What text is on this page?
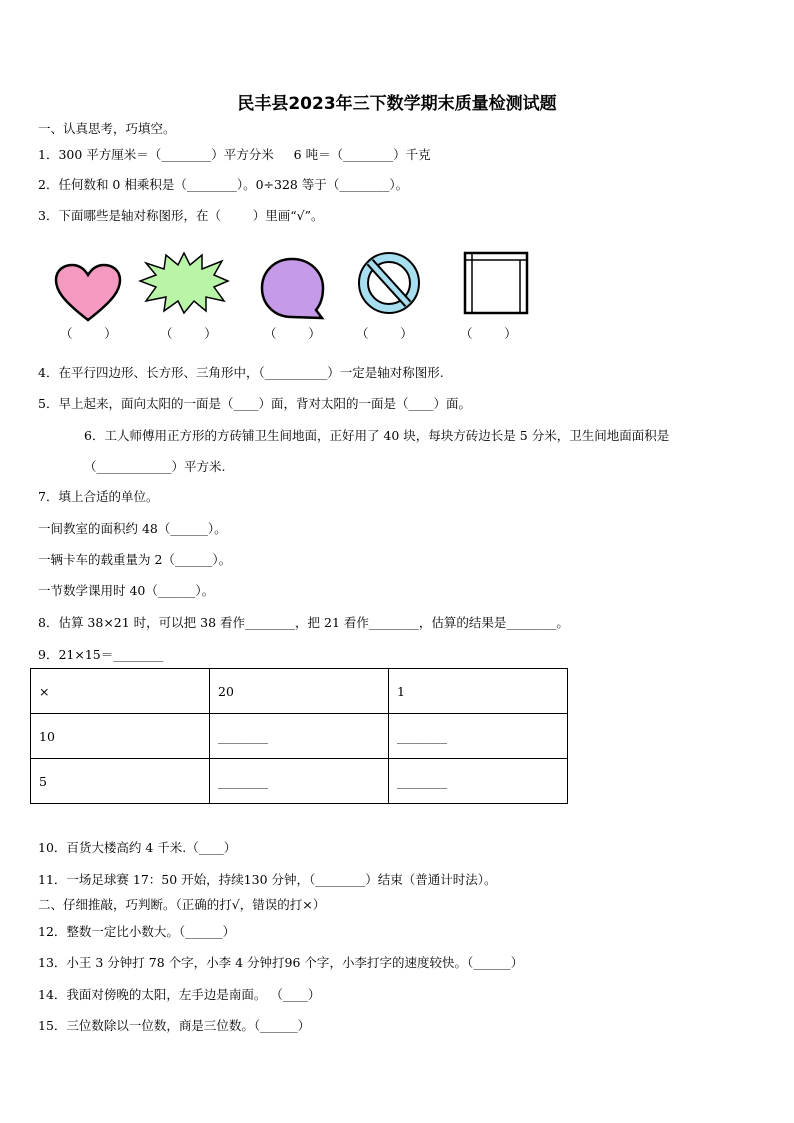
民丰县2023年三下数学期末质量检测试题
一、认真思考，巧填空。
1．300 平方厘米＝（________）平方分米     6 吨＝（________）千克
2．任何数和 0 相乘积是（________）。0÷328 等于（________）。
3．下面哪些是轴对称图形，在（        ）里画“√”。
（        ）	（        ）	（        ）	（        ）	（        ）
4．在平行四边形、长方形、三角形中，（__________）一定是轴对称图形.
5．早上起来，面向太阳的一面是（____）面，背对太阳的一面是（____）面。
6．工人师傅用正方形的方砖铺卫生间地面，正好用了 40 块，每块方砖边长是 5 分米，卫生间地面面积是
（____________）平方米.
7．填上合适的单位。
一间教室的面积约 48（______）。
一辆卡车的载重量为 2（______）。
一节数学课用时 40（______）。
8．估算 38×21 时，可以把 38 看作________，把 21 看作________，估算的结果是________。
9．21×15＝________
×	20	1
10	________	________
5	________	________
10．百货大楼高约 4 千米.（____）
11．一场足球赛 17：50 开始，持续130 分钟，（________）结束（普通计时法）。
二、仔细推敲，巧判断。（正确的打√，错误的打×）
12．整数一定比小数大。（______）
13．小王 3 分钟打 78 个字，小李 4 分钟打96 个字，小李打字的速度较快。（______）
14．我面对傍晚的太阳，左手边是南面。 （____）
15．三位数除以一位数，商是三位数。（______）
